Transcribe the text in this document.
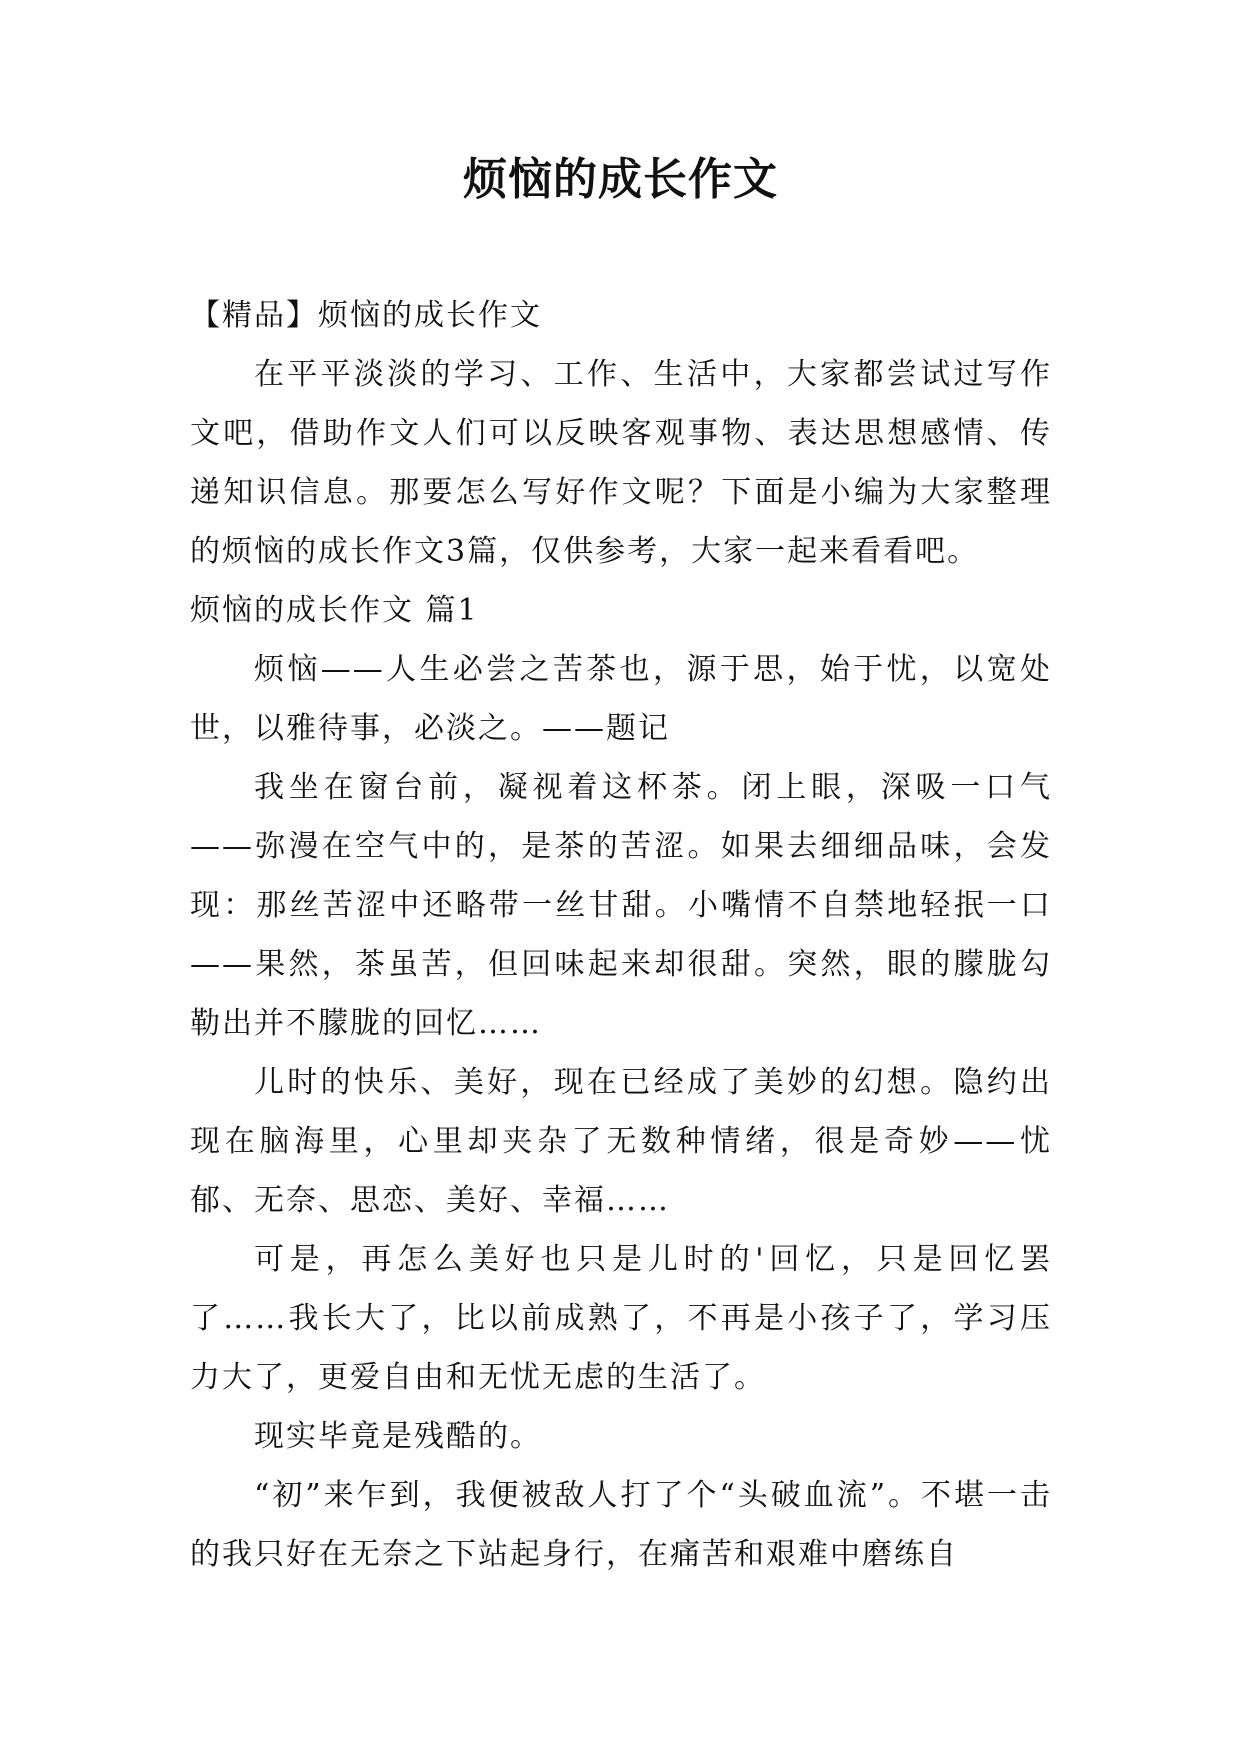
烦恼的成长作文

【精品】烦恼的成长作文

在平平淡淡的学习、工作、生活中，大家都尝试过写作文吧，借助作文人们可以反映客观事物、表达思想感情、传递知识信息。那要怎么写好作文呢？下面是小编为大家整理的烦恼的成长作文3篇，仅供参考，大家一起来看看吧。

烦恼的成长作文 篇1

烦恼——人生必尝之苦茶也，源于思，始于忧，以宽处世，以雅待事，必淡之。——题记

我坐在窗台前，凝视着这杯茶。闭上眼，深吸一口气——弥漫在空气中的，是茶的苦涩。如果去细细品味，会发现：那丝苦涩中还略带一丝甘甜。小嘴情不自禁地轻抿一口——果然，茶虽苦，但回味起来却很甜。突然，眼的朦胧勾勒出并不朦胧的回忆……

儿时的快乐、美好，现在已经成了美妙的幻想。隐约出现在脑海里，心里却夹杂了无数种情绪，很是奇妙——忧郁、无奈、思恋、美好、幸福……

可是，再怎么美好也只是儿时的'回忆，只是回忆罢了……我长大了，比以前成熟了，不再是小孩子了，学习压力大了，更爱自由和无忧无虑的生活了。

现实毕竟是残酷的。

“初”来乍到，我便被敌人打了个“头破血流”。不堪一击的我只好在无奈之下站起身行，在痛苦和艰难中磨练自
